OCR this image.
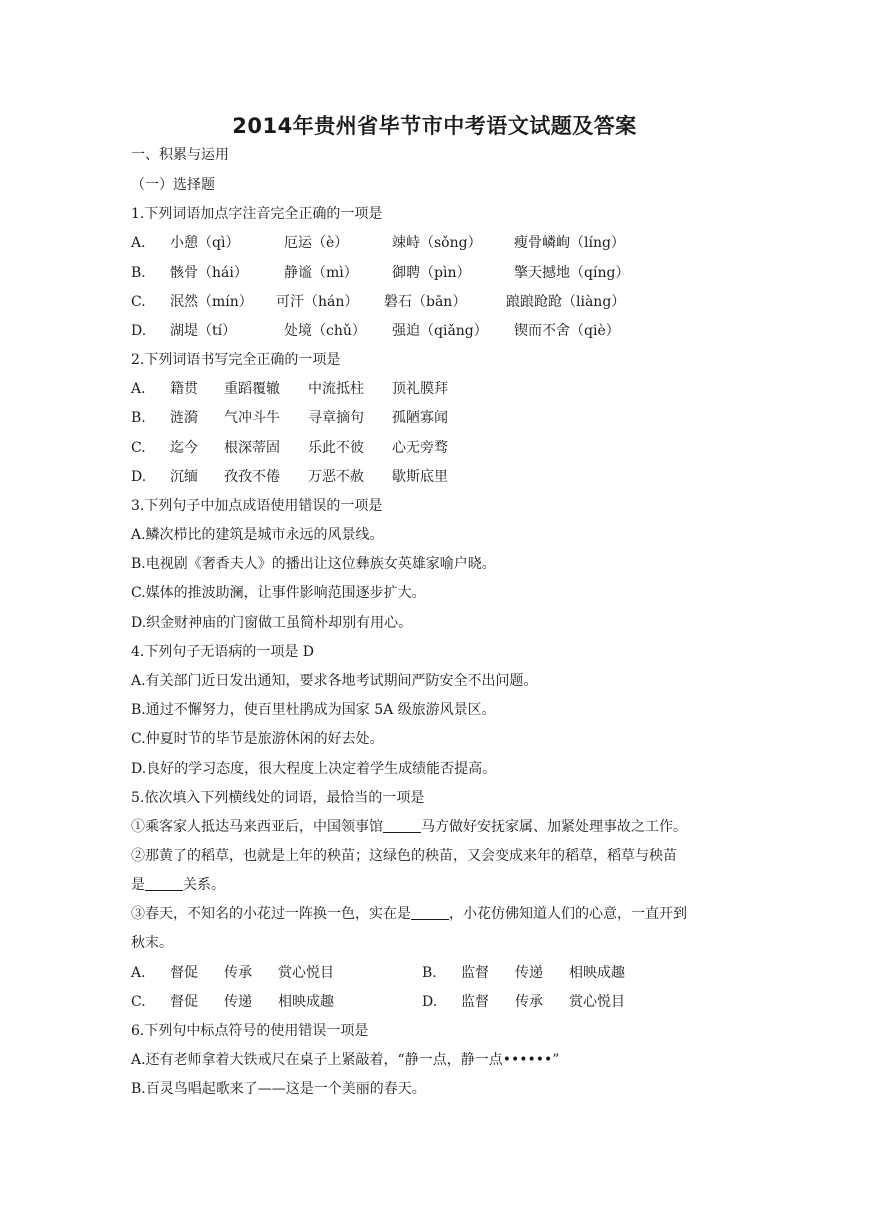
2014年贵州省毕节市中考语文试题及答案
一、积累与运用
（一）选择题
1.下列词语加点字注音完全正确的一项是
A. 小憩（qì）	厄运（è）	竦峙（sǒng） 瘦骨嶙峋（líng）
B. 骸骨（hái）	静谧（mì） 御聘（pìn）	擎天撼地（qíng）
C. 泯然（mín） 可汗（hán） 磐石（bān）	踉踉跄跄（liàng）
D. 湖堤（tí）	处境（chǔ） 强迫（qiǎng） 锲而不舍（qiè）
2.下列词语书写完全正确的一项是
A. 籍贯 重蹈覆辙 中流抵柱 顶礼膜拜
B. 涟漪 气冲斗牛 寻章摘句 孤陋寡闻
C. 迄今 根深蒂固 乐此不彼 心无旁骛
D. 沉缅 孜孜不倦 万恶不赦 歇斯底里
3.下列句子中加点成语使用错误的一项是
A.鳞次栉比的建筑是城市永远的风景线。
B.电视剧《奢香夫人》的播出让这位彝族女英雄家喻户晓。
C.媒体的推波助澜，让事件影响范围逐步扩大。
D.织金财神庙的门窗做工虽简朴却别有用心。
4.下列句子无语病的一项是 D
A.有关部门近日发出通知，要求各地考试期间严防安全不出问题。
B.通过不懈努力，使百里杜鹃成为国家 5A 级旅游风景区。
C.仲夏时节的毕节是旅游休闲的好去处。
D.良好的学习态度，很大程度上决定着学生成绩能否提高。
5.依次填入下列横线处的词语，最恰当的一项是
①乘客家人抵达马来西亚后，中国领事馆	马方做好安抚家属、加紧处理事故之工作。
②那黄了的稻草，也就是上年的秧苗；这绿色的秧苗，又会变成来年的稻草，稻草与秧苗
是	关系。
③春天，不知名的小花过一阵换一色，实在是	，小花仿佛知道人们的心意，一直开到
秋末。
A. 督促 传承 赏心悦目	B. 监督 传递 相映成趣
C. 督促 传递 相映成趣	D. 监督 传承 赏心悦目
6.下列句中标点符号的使用错误一项是
A.还有老师拿着大铁戒尺在桌子上紧敲着，“静一点，静一点••••••”
B.百灵鸟唱起歌来了——这是一个美丽的春天。
